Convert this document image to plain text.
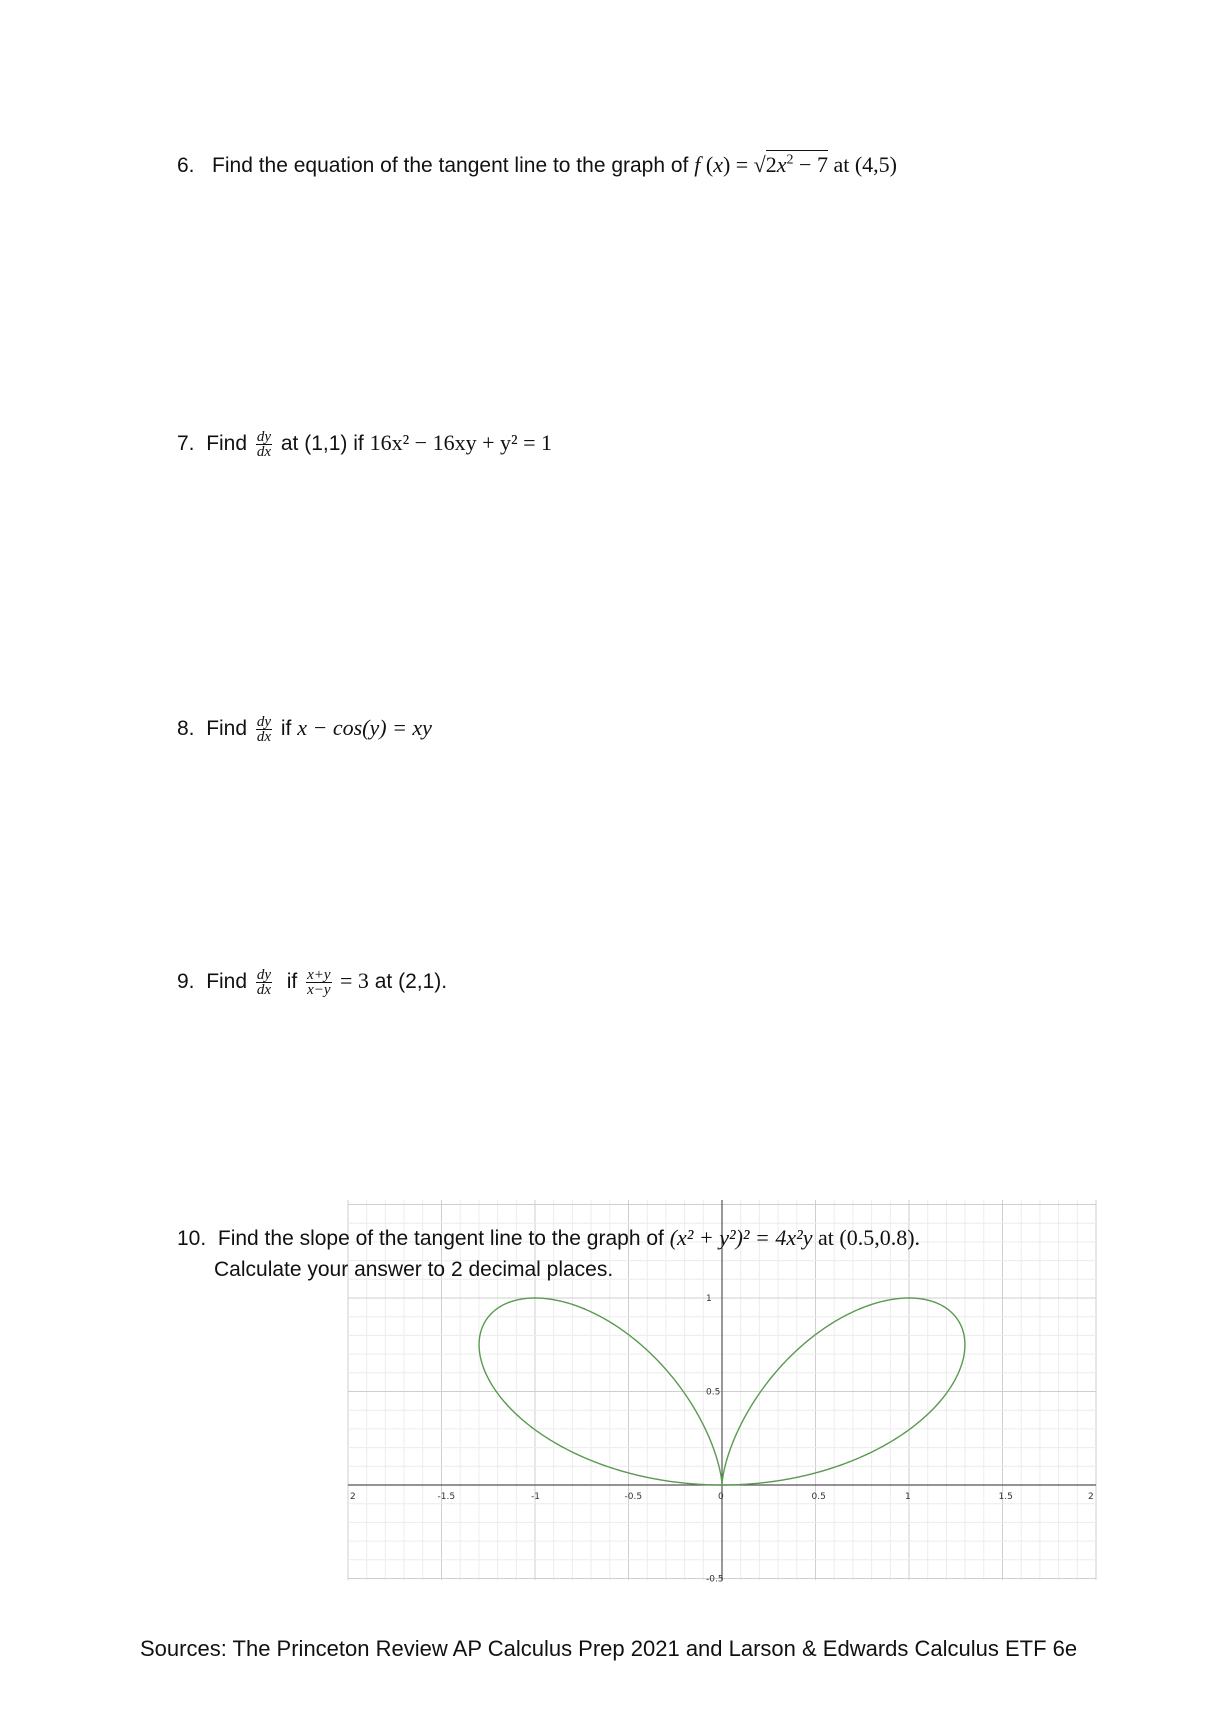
2	-1.5	-1	-0.5	0	0.5	1	1.5	2
1
0.5
-0.5
6. Find the equation of the tangent line to the graph of f $(x) = √2x^2 - 7$ at (4,5)
7. Find $\frac{dy}{dx}$ at (1,1) if 16x² − 16xy + y² = 1
8. Find $\frac{dy}{dx}$ if x − cos(y) = xy
9. Find $\frac{dy}{dx}$ if $\frac{x+y}{x-y} = 3$ at (2,1).
10. Find the slope of the tangent line to the graph of (x² + y²)² = 4x²y at (0.5,0.8).
Calculate your answer to 2 decimal places.
Sources: The Princeton Review AP Calculus Prep 2021 and Larson & Edwards Calculus ETF 6e
